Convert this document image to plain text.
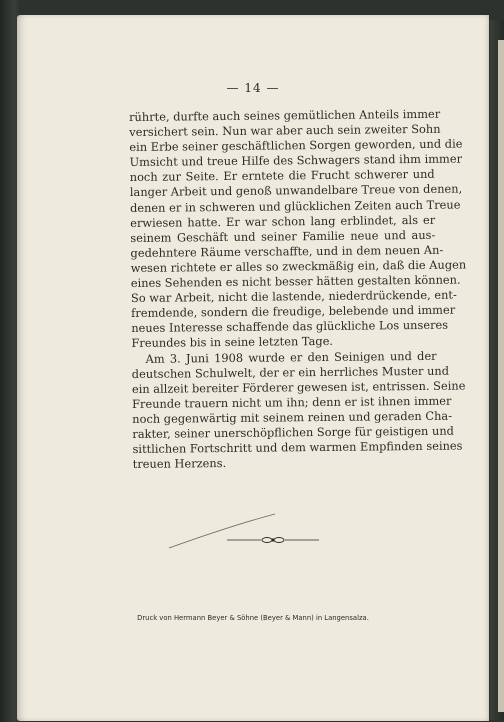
— 14 —
rührte, durfte auch seines gemütlichen Anteils immer
versichert sein. Nun war aber auch sein zweiter Sohn
ein Erbe seiner geschäftlichen Sorgen geworden, und die
Umsicht und treue Hilfe des Schwagers stand ihm immer
noch zur Seite. Er erntete die Frucht schwerer und
langer Arbeit und genoß unwandelbare Treue von denen,
denen er in schweren und glücklichen Zeiten auch Treue
erwiesen hatte. Er war schon lang erblindet, als er
seinem Geschäft und seiner Familie neue und aus-
gedehntere Räume verschaffte, und in dem neuen An-
wesen richtete er alles so zweckmäßig ein, daß die Augen
eines Sehenden es nicht besser hätten gestalten können.
So war Arbeit, nicht die lastende, niederdrückende, ent-
fremdende, sondern die freudige, belebende und immer
neues Interesse schaffende das glückliche Los unseres
Freundes bis in seine letzten Tage.
Am 3. Juni 1908 wurde er den Seinigen und der
deutschen Schulwelt, der er ein herrliches Muster und
ein allzeit bereiter Förderer gewesen ist, entrissen. Seine
Freunde trauern nicht um ihn; denn er ist ihnen immer
noch gegenwärtig mit seinem reinen und geraden Cha-
rakter, seiner unerschöpflichen Sorge für geistigen und
sittlichen Fortschritt und dem warmen Empfinden seines
treuen Herzens.
Druck von Hermann Beyer & Söhne (Beyer & Mann) in Langensalza.
